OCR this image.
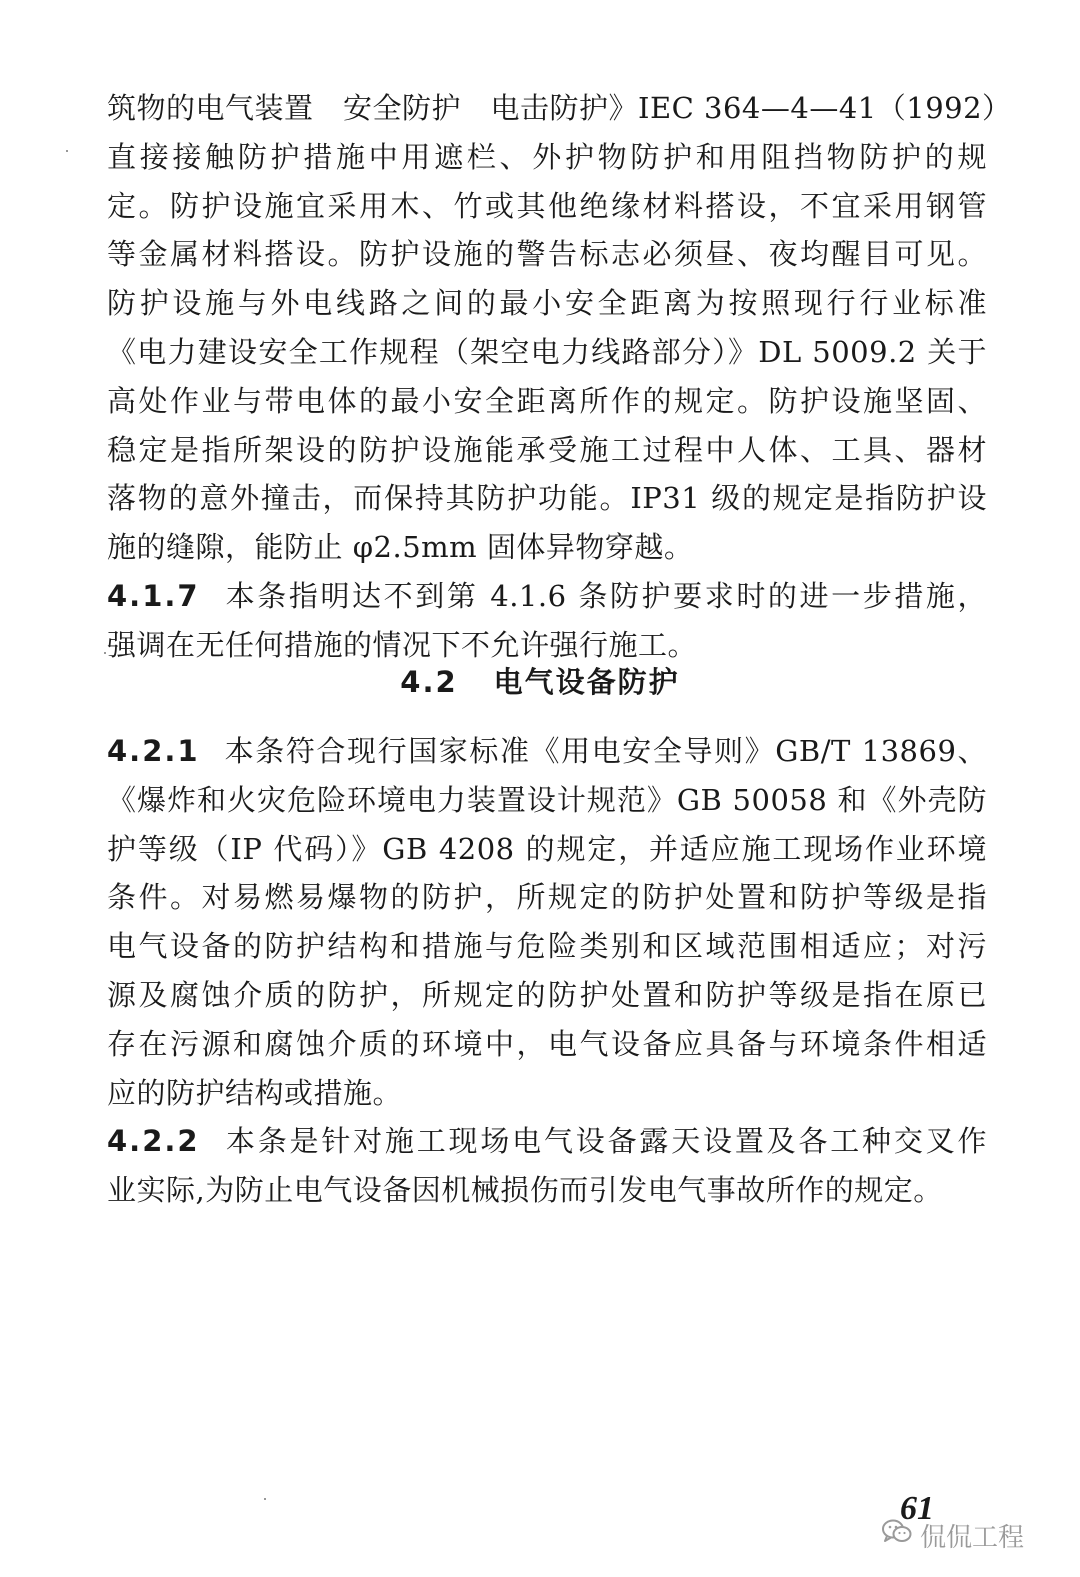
筑物的电气装置　安全防护　电击防护》IEC 364—4—41（1992）
直接接触防护措施中用遮栏、外护物防护和用阻挡物防护的规
定。防护设施宜采用木、竹或其他绝缘材料搭设，不宜采用钢管
等金属材料搭设。防护设施的警告标志必须昼、夜均醒目可见。
防护设施与外电线路之间的最小安全距离为按照现行行业标准
《电力建设安全工作规程（架空电力线路部分）》DL 5009.2 关于
高处作业与带电体的最小安全距离所作的规定。防护设施坚固、
稳定是指所架设的防护设施能承受施工过程中人体、工具、器材
落物的意外撞击，而保持其防护功能。IP31 级的规定是指防护设
施的缝隙，能防止 φ2.5mm 固体异物穿越。
4.1.7 本条指明达不到第 4.1.6 条防护要求时的进一步措施，
强调在无任何措施的情况下不允许强行施工。
4.2 电气设备防护
4.2.1 本条符合现行国家标准《用电安全导则》GB/T 13869、
《爆炸和火灾危险环境电力装置设计规范》GB 50058 和《外壳防
护等级（IP 代码）》GB 4208 的规定，并适应施工现场作业环境
条件。对易燃易爆物的防护，所规定的防护处置和防护等级是指
电气设备的防护结构和措施与危险类别和区域范围相适应；对污
源及腐蚀介质的防护，所规定的防护处置和防护等级是指在原已
存在污源和腐蚀介质的环境中，电气设备应具备与环境条件相适
应的防护结构或措施。
4.2.2 本条是针对施工现场电气设备露天设置及各工种交叉作
业实际,为防止电气设备因机械损伤而引发电气事故所作的规定。
61
侃侃工程
